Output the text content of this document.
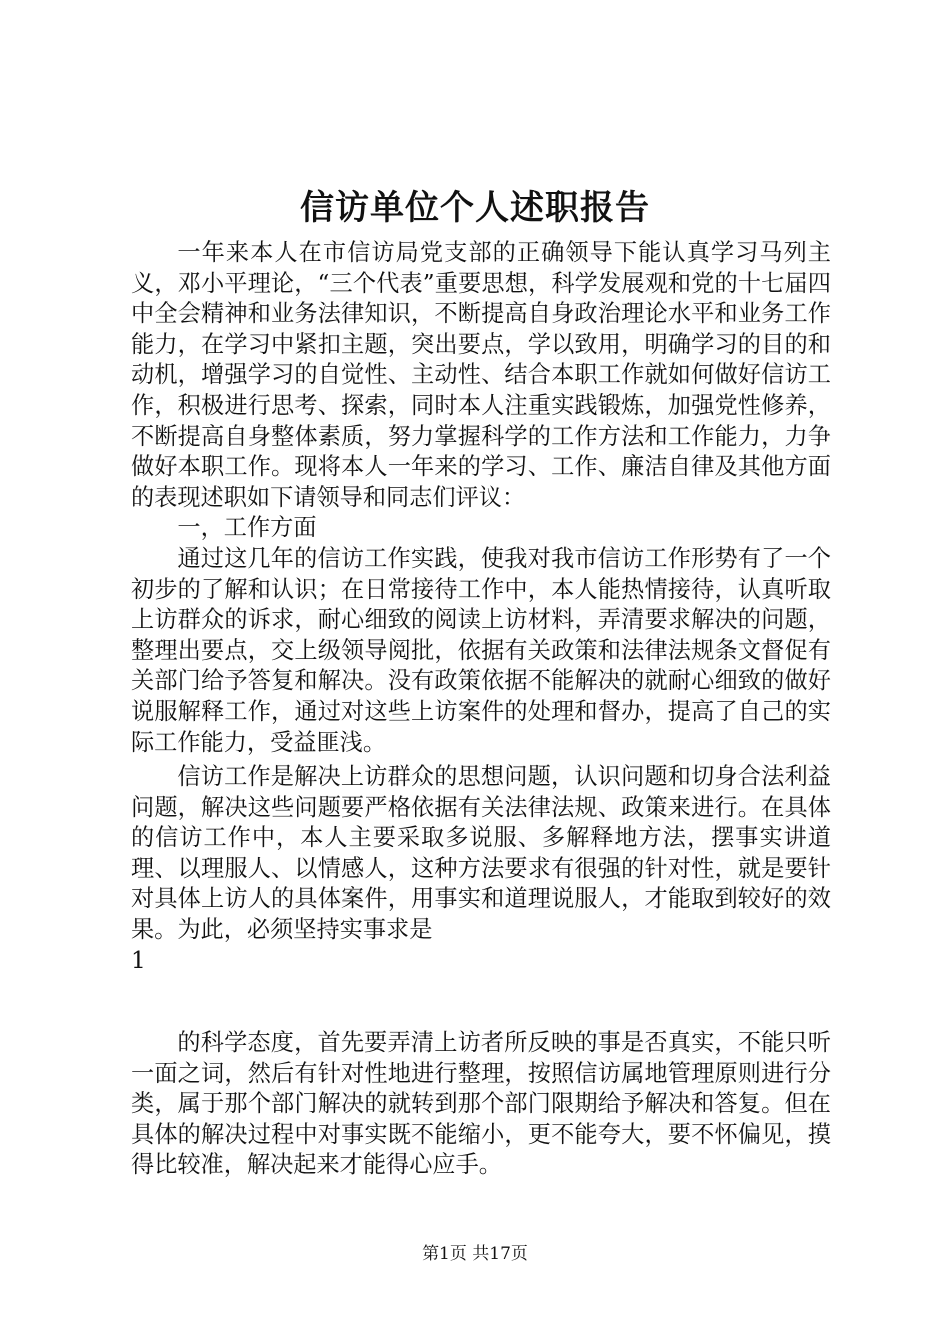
信访单位个人述职报告

一年来本人在市信访局党支部的正确领导下能认真学习马列主义，邓小平理论，“三个代表”重要思想，科学发展观和党的十七届四中全会精神和业务法律知识，不断提高自身政治理论水平和业务工作能力，在学习中紧扣主题，突出要点，学以致用，明确学习的目的和动机，增强学习的自觉性、主动性、结合本职工作就如何做好信访工作，积极进行思考、探索，同时本人注重实践锻炼，加强党性修养，不断提高自身整体素质，努力掌握科学的工作方法和工作能力，力争做好本职工作。现将本人一年来的学习、工作、廉洁自律及其他方面的表现述职如下请领导和同志们评议：

一，工作方面

通过这几年的信访工作实践，使我对我市信访工作形势有了一个初步的了解和认识；在日常接待工作中，本人能热情接待，认真听取上访群众的诉求，耐心细致的阅读上访材料，弄清要求解决的问题，整理出要点，交上级领导阅批，依据有关政策和法律法规条文督促有关部门给予答复和解决。没有政策依据不能解决的就耐心细致的做好说服解释工作，通过对这些上访案件的处理和督办，提高了自己的实际工作能力，受益匪浅。

信访工作是解决上访群众的思想问题，认识问题和切身合法利益问题，解决这些问题要严格依据有关法律法规、政策来进行。在具体的信访工作中，本人主要采取多说服、多解释地方法，摆事实讲道理、以理服人、以情感人，这种方法要求有很强的针对性，就是要针对具体上访人的具体案件，用事实和道理说服人，才能取到较好的效果。为此，必须坚持实事求是

1

的科学态度，首先要弄清上访者所反映的事是否真实，不能只听一面之词，然后有针对性地进行整理，按照信访属地管理原则进行分类，属于那个部门解决的就转到那个部门限期给予解决和答复。但在具体的解决过程中对事实既不能缩小，更不能夸大，要不怀偏见，摸得比较准，解决起来才能得心应手。

第1页 共17页
